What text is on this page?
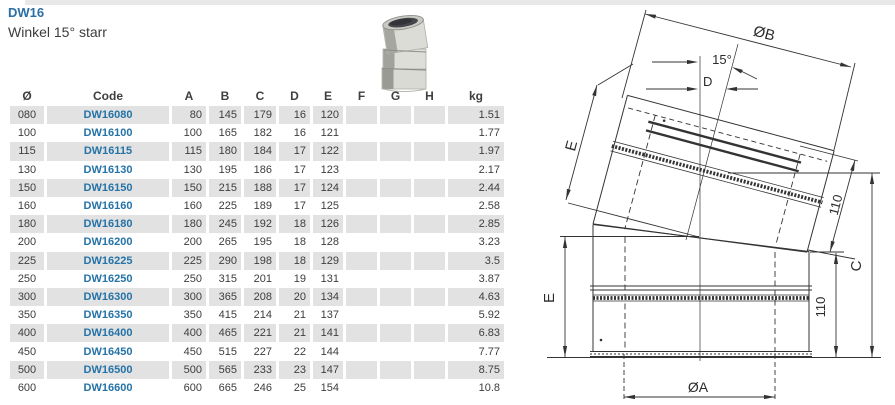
DW16
Winkel 15° starr
Ø	Code	A	B	C	D	E	F	G	H	kg
080	DW16080	80	145	179	16	120				1.51
100	DW16100	100	165	182	16	121				1.77
115	DW16115	115	180	184	17	122				1.97
130	DW16130	130	195	186	17	123				2.17
150	DW16150	150	215	188	17	124				2.44
160	DW16160	160	225	189	17	125				2.58
180	DW16180	180	245	192	18	126				2.85
200	DW16200	200	265	195	18	128				3.23
225	DW16225	225	290	198	18	129				3.5
250	DW16250	250	315	201	19	131				3.87
300	DW16300	300	365	208	20	134				4.63
350	DW16350	350	415	214	21	137				5.92
400	DW16400	400	465	221	21	141				6.83
450	DW16450	450	515	227	22	144				7.77
500	DW16500	500	565	233	23	147				8.75
600	DW16600	600	665	246	25	154				10.8
ØB
15°
D
E
E
110
110
C
ØA
